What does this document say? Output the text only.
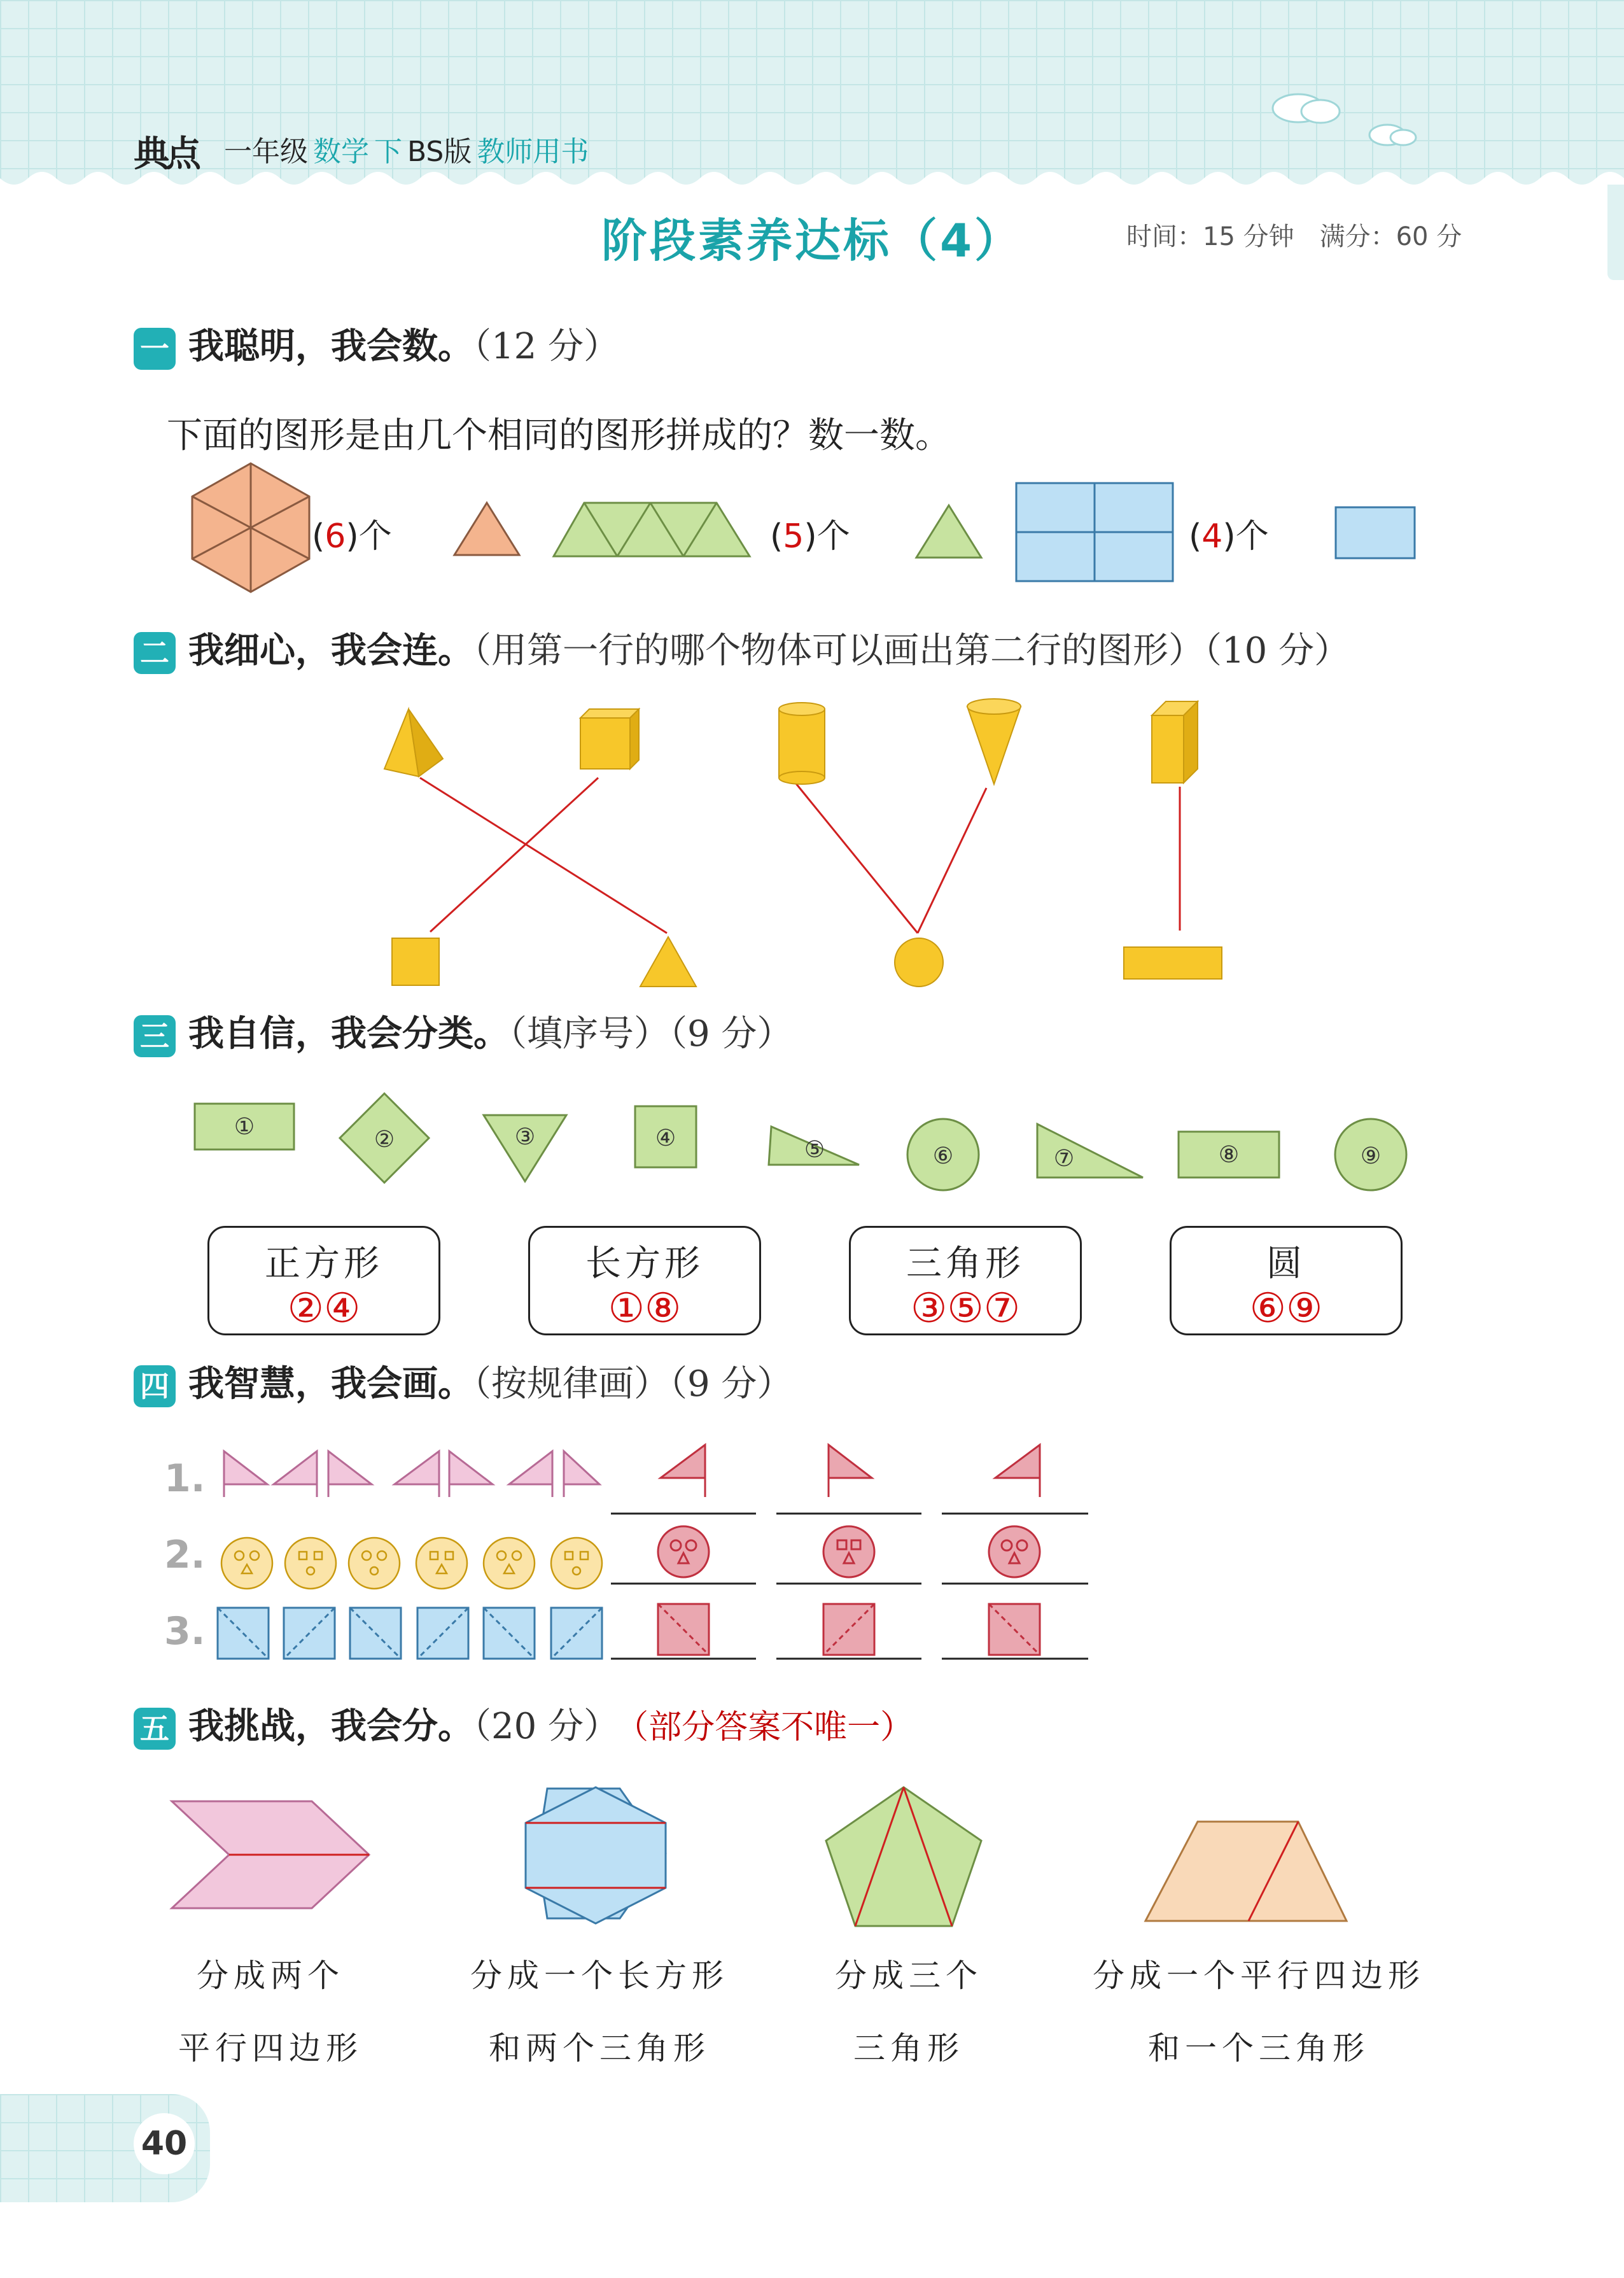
典点 一年级 数学 下 BS版 教师用书
阶段素养达标（4）	时间：15 分钟　满分：60 分
一 我聪明，我会数。（12 分）
下面的图形是由几个相同的图形拼成的？数一数。
(6)个	(5)个	(4)个
二 我细心，我会连。（用第一行的哪个物体可以画出第二行的图形）（10 分）
三 我自信，我会分类。（填序号）（9 分）
①	②	③	④	⑤	⑥	⑦	⑧	⑨
正方形
②④
长方形
①⑧
三角形
③⑤⑦
圆
⑥⑨
四 我智慧，我会画。（按规律画）（9 分）
1.
2.
3.
五 我挑战，我会分。（20 分） （部分答案不唯一）
分成两个
平行四边形
分成一个长方形
和两个三角形
分成三个
三角形
分成一个平行四边形
和一个三角形
40
